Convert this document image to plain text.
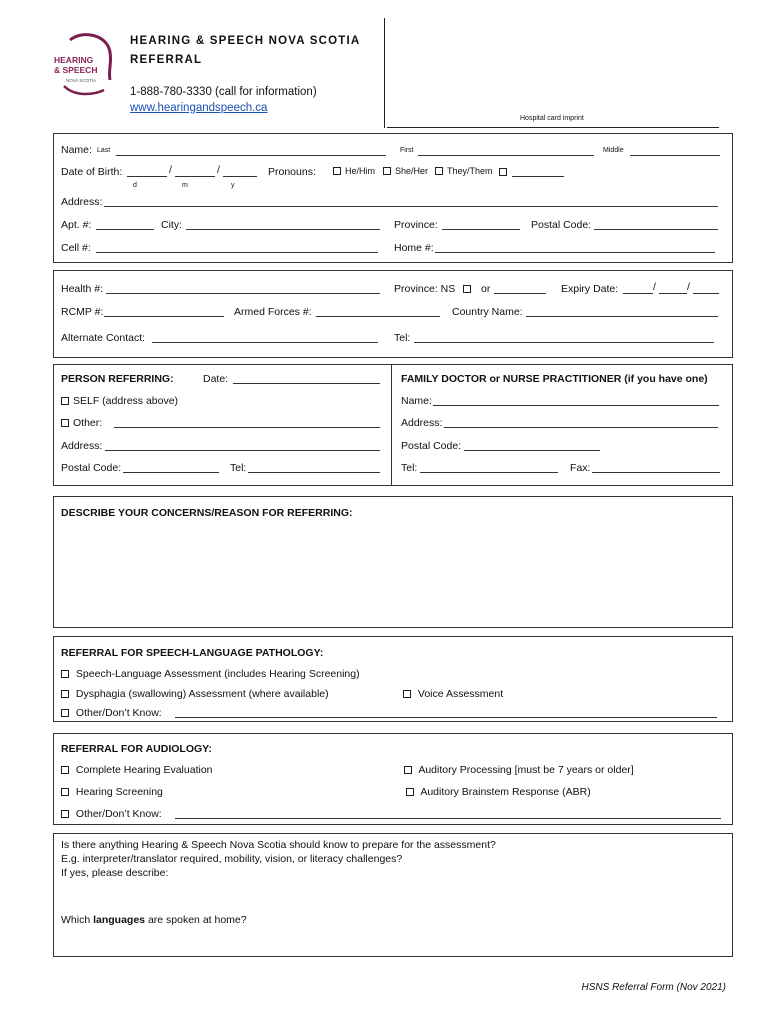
HEARING
& SPEECH
NOVA SCOTIA
HEARING & SPEECH NOVA SCOTIA
REFERRAL
1-888-780-3330 (call for information)
www.hearingandspeech.ca
Hospital card imprint
Name: Last	First	Middle
Date of Birth:	/	/
d	m	y
Pronouns:	He/Him	She/Her	They/Them
Address:
Apt. #:	City:	Province:	Postal Code:
Cell #:	Home #:
Health #:	Province: NS or	Expiry Date:	/	/
RCMP #:	Armed Forces #:	Country Name:
Alternate Contact:	Tel:
PERSON REFERRING:	Date:
SELF (address above)
Other:
Address:
Postal Code:	Tel:
FAMILY DOCTOR or NURSE PRACTITIONER (if you have one)
Name:
Address:
Postal Code:
Tel:	Fax:
DESCRIBE YOUR CONCERNS/REASON FOR REFERRING:
REFERRAL FOR SPEECH-LANGUAGE PATHOLOGY:
Speech-Language Assessment (includes Hearing Screening)
Dysphagia (swallowing) Assessment (where available)	Voice Assessment
Other/Don’t Know:
REFERRAL FOR AUDIOLOGY:
Complete Hearing Evaluation	Auditory Processing [must be 7 years or older]
Hearing Screening	Auditory Brainstem Response (ABR)
Other/Don’t Know:
Is there anything Hearing & Speech Nova Scotia should know to prepare for the assessment?
E.g. interpreter/translator required, mobility, vision, or literacy challenges?
If yes, please describe:
Which languages are spoken at home?
HSNS Referral Form (Nov 2021)
